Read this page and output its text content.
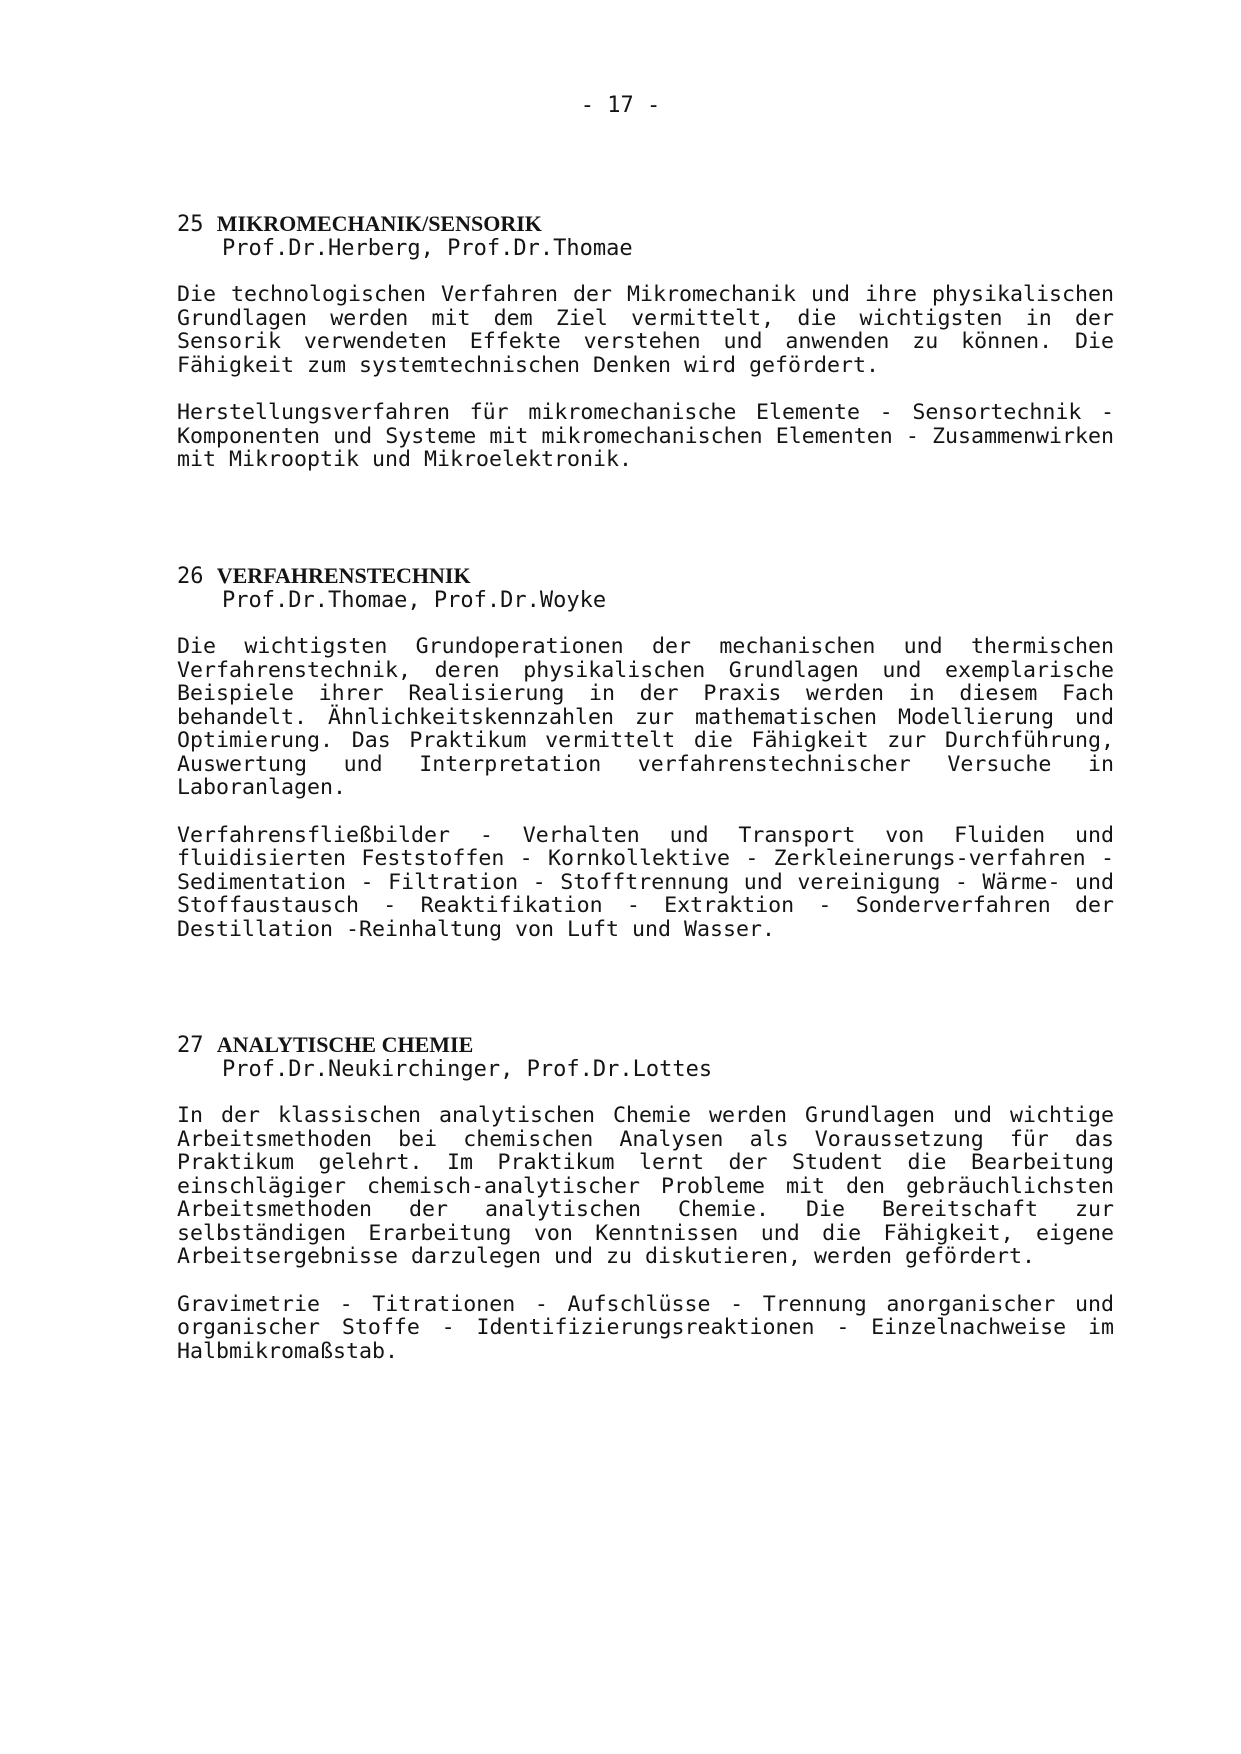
- 17 -
25 MIKROMECHANIK/SENSORIK
Prof.Dr.Herberg, Prof.Dr.Thomae

Die technologischen Verfahren der Mikromechanik und ihre physikalischen Grundlagen werden mit dem Ziel vermittelt, die wichtigsten in der Sensorik verwendeten Effekte verstehen und anwenden zu können. Die Fähigkeit zum systemtechnischen Denken wird gefördert.

Herstellungsverfahren für mikromechanische Elemente - Sensortechnik - Komponenten und Systeme mit mikromechanischen Elementen - Zusammenwirken mit Mikrooptik und Mikroelektronik.

26 VERFAHRENSTECHNIK
Prof.Dr.Thomae, Prof.Dr.Woyke

Die wichtigsten Grundoperationen der mechanischen und thermischen Verfahrenstechnik, deren physikalischen Grundlagen und exemplarische Beispiele ihrer Realisierung in der Praxis werden in diesem Fach behandelt. Ähnlichkeitskennzahlen zur mathematischen Modellierung und Optimierung. Das Praktikum vermittelt die Fähigkeit zur Durchführung, Auswertung und Interpretation verfahrenstechnischer Versuche in Laboranlagen.

Verfahrensfließbilder - Verhalten und Transport von Fluiden und fluidisierten Feststoffen - Kornkollektive - Zerkleinerungs-verfahren - Sedimentation - Filtration - Stofftrennung und vereinigung - Wärme- und Stoffaustausch - Reaktifikation - Extraktion - Sonderverfahren der Destillation -Reinhaltung von Luft und Wasser.

27 ANALYTISCHE CHEMIE
Prof.Dr.Neukirchinger, Prof.Dr.Lottes

In der klassischen analytischen Chemie werden Grundlagen und wichtige Arbeitsmethoden bei chemischen Analysen als Voraussetzung für das Praktikum gelehrt. Im Praktikum lernt der Student die Bearbeitung einschlägiger chemisch-analytischer Probleme mit den gebräuchlichsten Arbeitsmethoden der analytischen Chemie. Die Bereitschaft zur selbständigen Erarbeitung von Kenntnissen und die Fähigkeit, eigene Arbeitsergebnisse darzulegen und zu diskutieren, werden gefördert.

Gravimetrie - Titrationen - Aufschlüsse - Trennung anorganischer und organischer Stoffe - Identifizierungsreaktionen - Einzelnachweise im Halbmikromaßstab.
